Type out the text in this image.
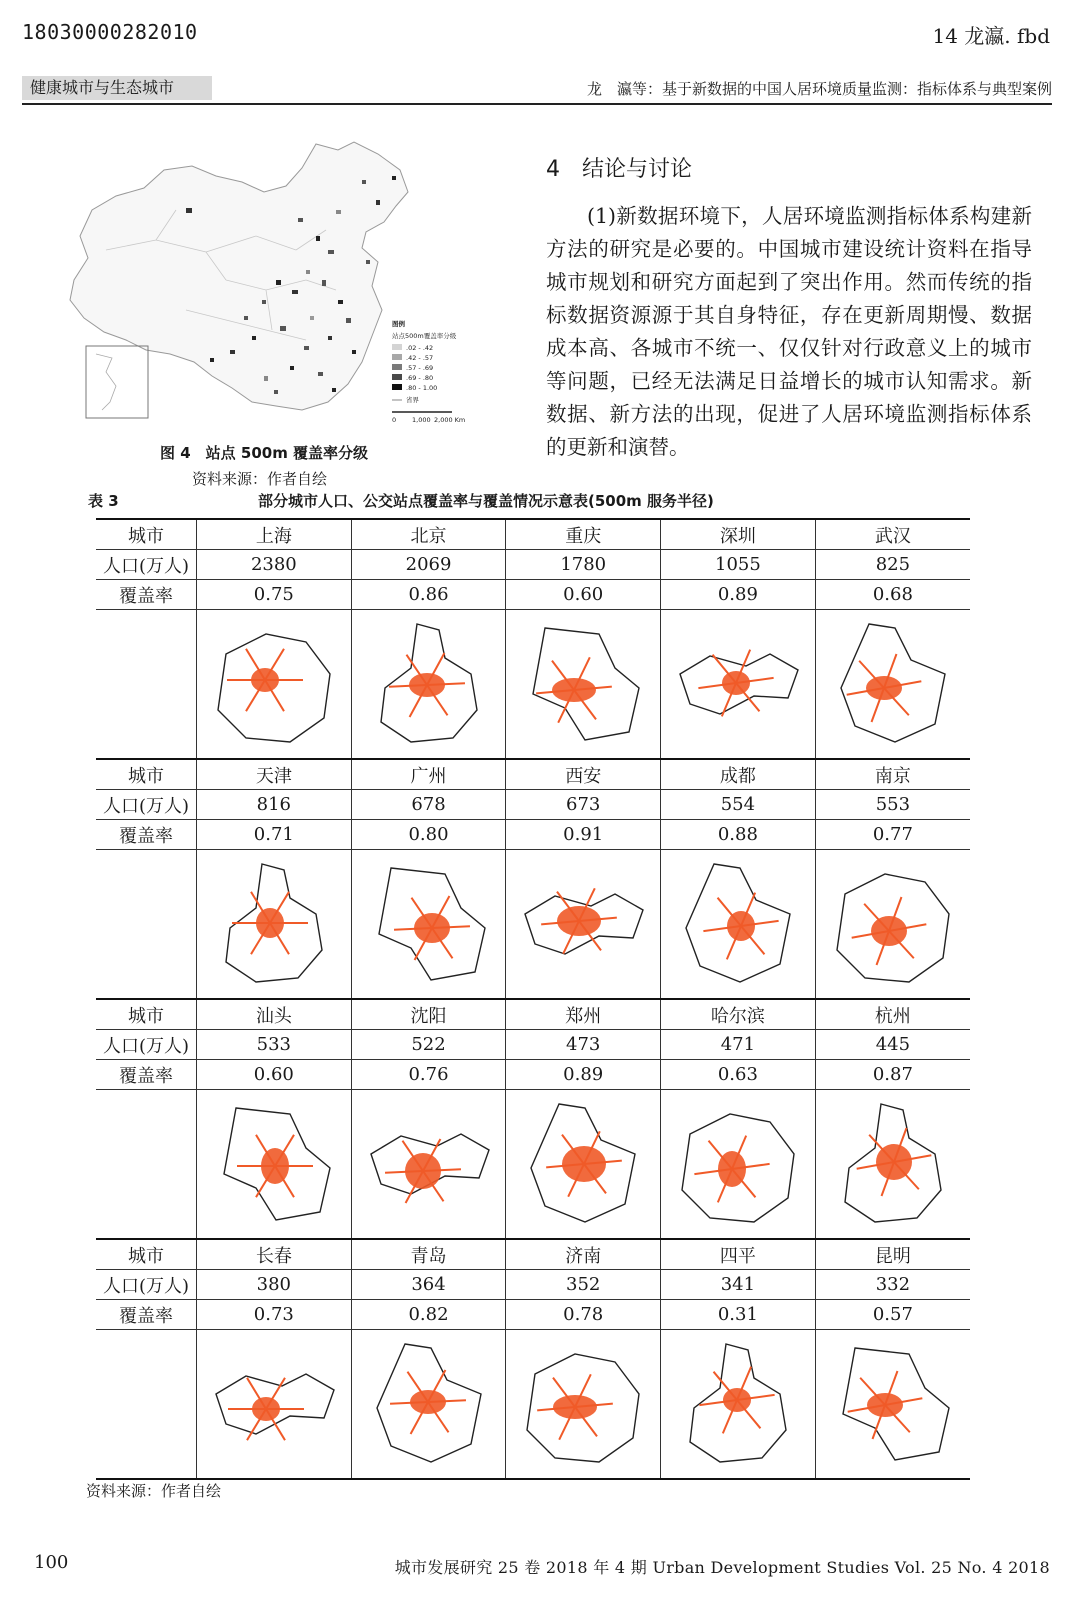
18030000282010	14 龙瀛. fbd
健康城市与生态城市	龙　瀛等：基于新数据的中国人居环境质量监测：指标体系与典型案例
图例
站点500m覆盖率分级
.02 - .42
.42 - .57
.57 - .69
.69 - .80
.80 - 1.00
省界
0 1,000 2,000 Km
图 4　站点 500m 覆盖率分级
资料来源：作者自绘
4　结论与讨论
(1)新数据环境下，人居环境监测指标体系构建新方法的研究是必要的。中国城市建设统计资料在指导城市规划和研究方面起到了突出作用。然而传统的指标数据资源源于其自身特征，存在更新周期慢、数据成本高、各城市不统一、仅仅针对行政意义上的城市等问题，已经无法满足日益增长的城市认知需求。新数据、新方法的出现，促进了人居环境监测指标体系的更新和演替。
表 3	部分城市人口、公交站点覆盖率与覆盖情况示意表(500m 服务半径)
城市	上海	北京	重庆	深圳	武汉
人口(万人)	2380	2069	1780	1055	825
覆盖率	0.75	0.86	0.60	0.89	0.68

城市	天津	广州	西安	成都	南京
人口(万人)	816	678	673	554	553
覆盖率	0.71	0.80	0.91	0.88	0.77

城市	汕头	沈阳	郑州	哈尔滨	杭州
人口(万人)	533	522	473	471	445
覆盖率	0.60	0.76	0.89	0.63	0.87

城市	长春	青岛	济南	四平	昆明
人口(万人)	380	364	352	341	332
覆盖率	0.73	0.82	0.78	0.31	0.57

资料来源：作者自绘
100	城市发展研究 25 卷 2018 年 4 期 Urban Development Studies Vol. 25 No. 4 2018
